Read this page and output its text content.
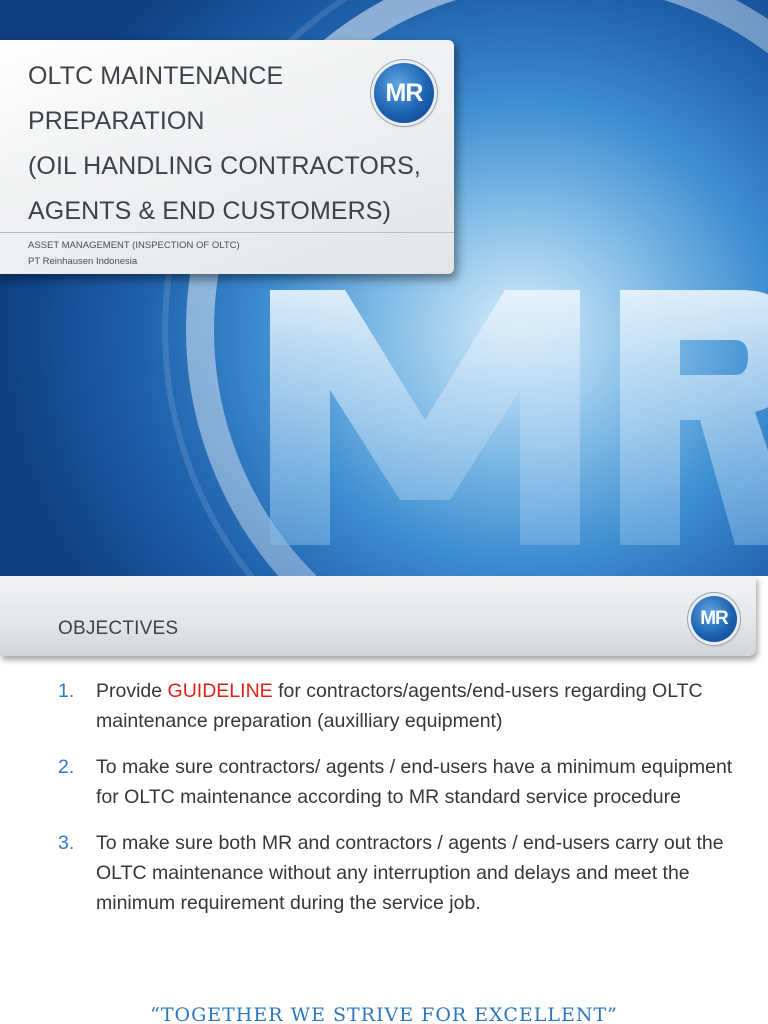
OLTC MAINTENANCE
PREPARATION
(OIL HANDLING CONTRACTORS,
AGENTS & END CUSTOMERS)
ASSET MANAGEMENT (INSPECTION OF OLTC)
PT Reinhausen Indonesia
MR
OBJECTIVES	MR
1. Provide GUIDELINE for contractors/agents/end-users regarding OLTC maintenance preparation (auxilliary equipment)
2. To make sure contractors/ agents / end-users have a minimum equipment for OLTC maintenance according to MR standard service procedure
3. To make sure both MR and contractors / agents / end-users carry out the OLTC maintenance without any interruption and delays and meet the minimum requirement during the service job.
“TOGETHER WE STRIVE FOR EXCELLENT”
